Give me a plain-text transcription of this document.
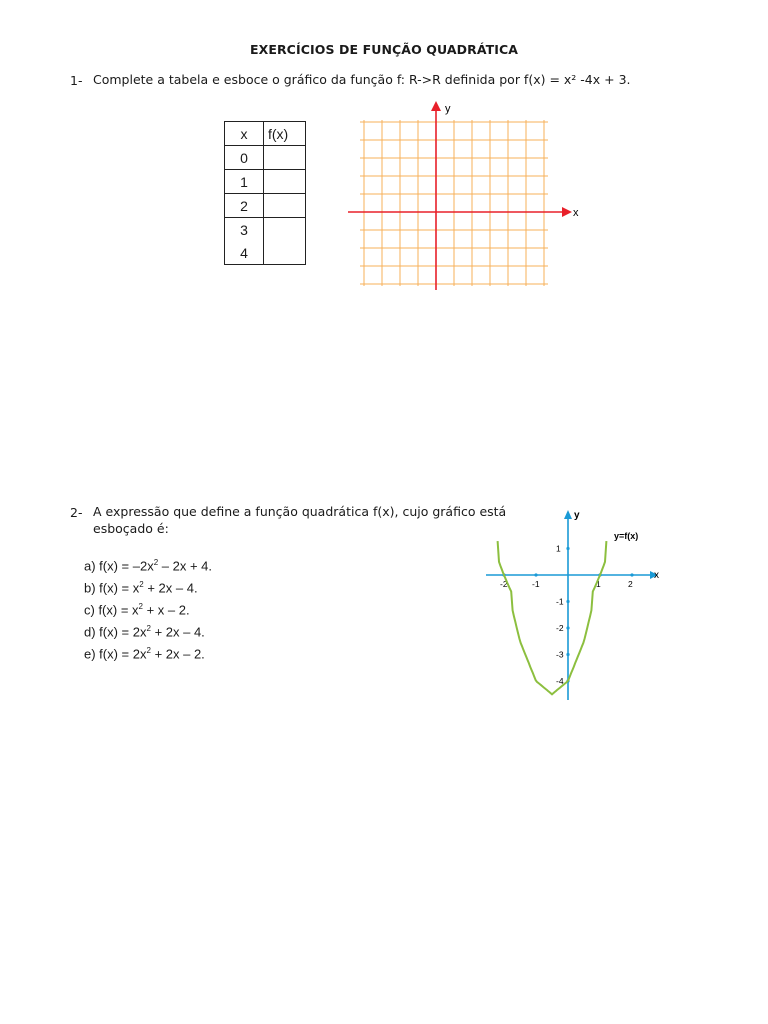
EXERCÍCIOS DE FUNÇÃO QUADRÁTICA
1- Complete a tabela e esboce o gráfico da função f: R->R definida por f(x) = x² -4x + 3.
x	f(x)
0	
1	
2	
3	
4	
x
y
2- A expressão que define a função quadrática f(x), cujo gráfico está
esboçado é:
a) $f(x) = -2x^2 - 2x + 4$.
b) $f(x) = x^2 + 2x - 4$.
c) $f(x) = x^2 + x - 2$.
d) $f(x) = 2x^2 + 2x - 4$.
e) $f(x) = 2x^2 + 2x - 2$.
x
y
y=f(x)
-2	-1	1	2
1
-1
-2
-3
-4
